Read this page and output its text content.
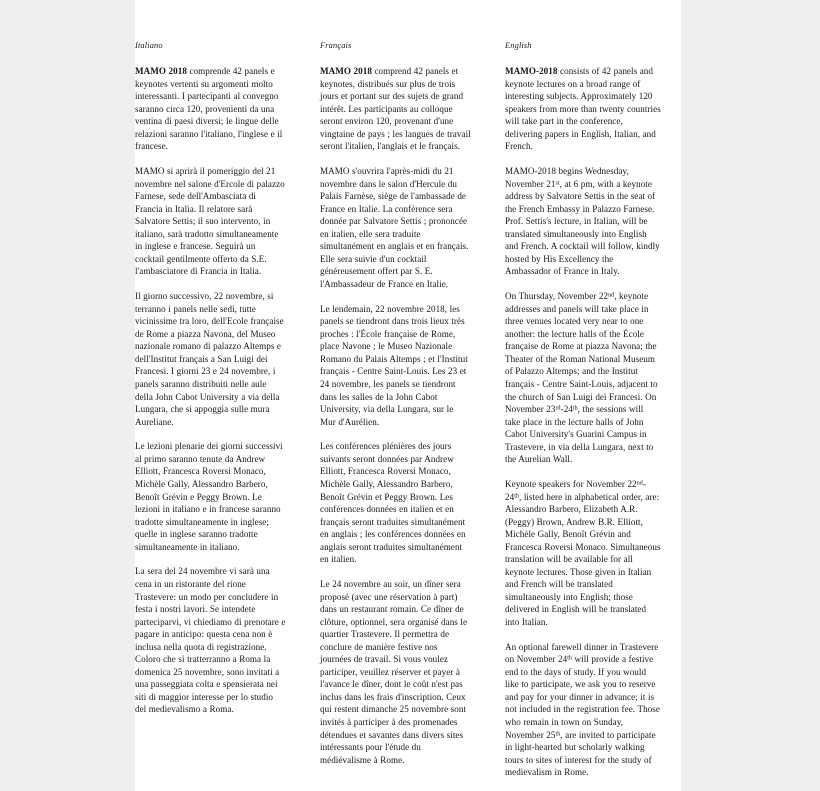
Italiano

MAMO 2018 comprende 42 panels e keynotes vertenti su argomenti molto interessanti. I partecipanti al convegno saranno circa 120, provenienti da una ventina di paesi diversi; le lingue delle relazioni saranno l'italiano, l'inglese e il francese.

MAMO si aprirà il pomeriggio del 21 novembre nel salone d'Ercole di palazzo Farnese, sede dell'Ambasciata di Francia in Italia. Il relatore sarà Salvatore Settis; il suo intervento, in italiano, sarà tradotto simultaneamente in inglese e francese. Seguirà un cocktail gentilmente offerto da S.E. l'ambasciatore di Francia in Italia.

Il giorno successivo, 22 novembre, si terranno i panels nelle sedi, tutte vicinissime tra loro, dell'Ecole française de Rome a piazza Navona, del Museo nazionale romano di palazzo Altemps e dell'Institut français a San Luigi dei Francesi. I giorni 23 e 24 novembre, i panels saranno distribuiti nelle aule della John Cabot University a via della Lungara, che si appoggia sulle mura Aureliane.

Le lezioni plenarie dei giorni successivi al primo saranno tenute da Andrew Elliott, Francesca Roversi Monaco, Michèle Gally, Alessandro Barbero, Benoît Grévin e Peggy Brown. Le lezioni in italiano e in francese saranno tradotte simultaneamente in inglese; quelle in inglese saranno tradotte simultaneamente in italiano.

La sera del 24 novembre vi sarà una cena in un ristorante del rione Trastevere: un modo per concludere in festa i nostri lavori. Se intendete parteciparvi, vi chiediamo di prenotare e pagare in anticipo: questa cena non è inclusa nella quota di registrazione. Coloro che si tratterranno a Roma la domenica 25 novembre, sono invitati a una passeggiata colta e spensierata nei siti di maggior interesse per lo studio del medievalismo a Roma.

Français

MAMO 2018 comprend 42 panels et keynotes, distribués sur plus de trois jours et portant sur des sujets de grand intérêt. Les participants au colloque seront environ 120, provenant d'une vingtaine de pays ; les langues de travail seront l'italien, l'anglais et le français.

MAMO s'ouvrira l'après-midi du 21 novembre dans le salon d'Hercule du Palais Farnèse, siège de l'ambassade de France en Italie. La conférence sera donnée par Salvatore Settis ; prononcée en italien, elle sera traduite simultanément en anglais et en français. Elle sera suivie d'un cocktail généreusement offert par S. E. l'Ambassadeur de France en Italie.

Le lendemain, 22 novembre 2018, les panels se tiendront dans trois lieux très proches : l'École française de Rome, place Navone ; le Museo Nazionale Romano du Palais Altemps ; et l'Institut français - Centre Saint-Louis. Les 23 et 24 novembre, les panels se tiendront dans les salles de la John Cabot University, via della Lungara, sur le Mur d'Aurélien.

Les conférences plénières des jours suivants seront données par Andrew Elliott, Francesca Roversi Monaco, Michèle Gally, Alessandro Barbero, Benoît Grévin et Peggy Brown. Les conférences données en italien et en français seront traduites simultanément en anglais ; les conférences données en anglais seront traduites simultanément en italien.

Le 24 novembre au soir, un dîner sera proposé (avec une réservation à part) dans un restaurant romain. Ce dîner de clôture, optionnel, sera organisé dans le quartier Trastevere. Il permettra de conclure de manière festive nos journées de travail. Si vous voulez participer, veuillez réserver et payer à l'avance le dîner, dont le coût n'est pas inclus dans les frais d'inscription. Ceux qui restent dimanche 25 novembre sont invités à participer à des promenades détendues et savantes dans divers sites intéressants pour l'étude du médiévalisme à Rome.

English

MAMO-2018 consists of 42 panels and keynote lectures on a broad range of interesting subjects. Approximately 120 speakers from more than twenty countries will take part in the conference, delivering papers in English, Italian, and French.

MAMO-2018 begins Wednesday, November 21st, at 6 pm, with a keynote address by Salvatore Settis in the seat of the French Embassy in Palazzo Farnese. Prof. Settis's lecture, in Italian, will be translated simultaneously into English and French. A cocktail will follow, kindly hosted by His Excellency the Ambassador of France in Italy.

On Thursday, November 22nd, keynote addresses and panels will take place in three venues located very near to one another: the lecture halls of the École française de Rome at piazza Navona; the Theater of the Roman National Museum of Palazzo Altemps; and the Institut français - Centre Saint-Louis, adjacent to the church of San Luigi dei Francesi. On November 23rd-24th, the sessions will take place in the lecture halls of John Cabot University's Guarini Campus in Trastevere, in via della Lungara, next to the Aurelian Wall.

Keynote speakers for November 22nd-24th, listed here in alphabetical order, are: Alessandro Barbero, Elizabeth A.R. (Peggy) Brown, Andrew B.R. Elliott, Michèle Gally, Benoît Grévin and Francesca Roversi Monaco. Simultaneous translation will be available for all keynote lectures. Those given in Italian and French will be translated simultaneously into English; those delivered in English will be translated into Italian.

An optional farewell dinner in Trastevere on November 24th will provide a festive end to the days of study. If you would like to participate, we ask you to reserve and pay for your dinner in advance; it is not included in the registration fee. Those who remain in town on Sunday, November 25th, are invited to participate in light-hearted but scholarly walking tours to sites of interest for the study of medievalism in Rome.
